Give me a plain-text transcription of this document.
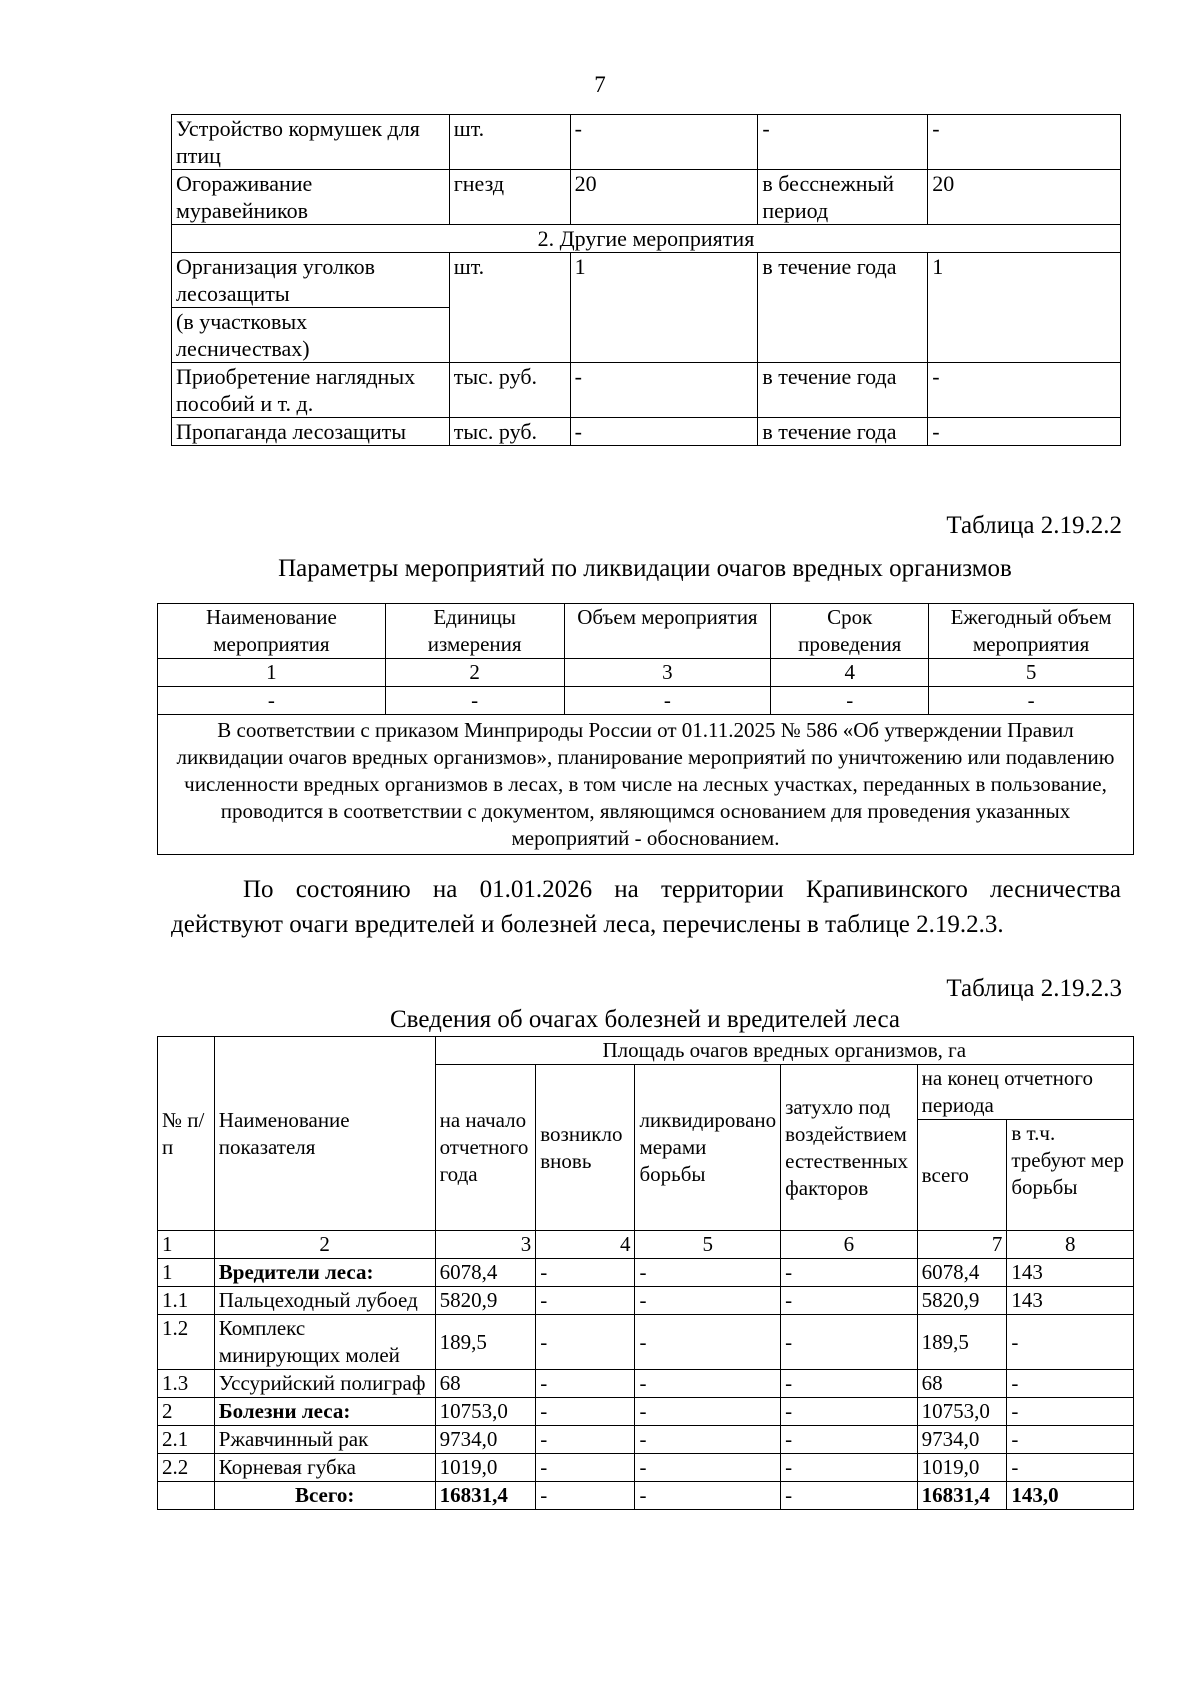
7
Устройство кормушек для птиц	шт.	-	-	-
Огораживание муравейников	гнезд	20	в бесснежный период	20
2. Другие мероприятия				
Организация уголков лесозащиты	шт.	1	в течение года	1
(в участковых лесничествах)				
Приобретение наглядных пособий и т. д.	тыс. руб.	-	в течение года	-
Пропаганда лесозащиты	тыс. руб.	-	в течение года	-
Таблица 2.19.2.2
Параметры мероприятий по ликвидации очагов вредных организмов
Наименование мероприятия	Единицы измерения	Объем мероприятия	Срок проведения	Ежегодный объем мероприятия
1	2	3	4	5
-	-	-	-	-
В соответствии с приказом Минприроды России от 01.11.2025 № 586 «Об утверждении Правил ликвидации очагов вредных организмов», планирование мероприятий по уничтожению или подавлению численности вредных организмов в лесах, в том числе на лесных участках, переданных в пользование, проводится в соответствии с документом, являющимся основанием для проведения указанных мероприятий - обоснованием.				
По состоянию на 01.01.2026 на территории Крапивинского лесничества действуют очаги вредителей и болезней леса, перечислены в таблице 2.19.2.3.
Таблица 2.19.2.3
Сведения об очагах болезней и вредителей леса
№ п/п	Наименование показателя	Площадь очагов вредных организмов, га					
		на начало отчетного года	возникло вновь	ликвидировано мерами борьбы	затухло под воздействием естественных факторов	на конец отчетного периода	
						всего	в т.ч. требуют мер борьбы
1	2	3	4	5	6	7	8
1	Вредители леса:	6078,4	-	-	-	6078,4	143
1.1	Пальцеходный лубоед	5820,9	-	-	-	5820,9	143
1.2	Комплекс минирующих молей	189,5	-	-	-	189,5	-
1.3	Уссурийский полиграф	68	-	-	-	68	-
2	Болезни леса:	10753,0	-	-	-	10753,0	-
2.1	Ржавчинный рак	9734,0	-	-	-	9734,0	-
2.2	Корневая губка	1019,0	-	-	-	1019,0	-
	Всего:	16831,4	-	-	-	16831,4	143,0
